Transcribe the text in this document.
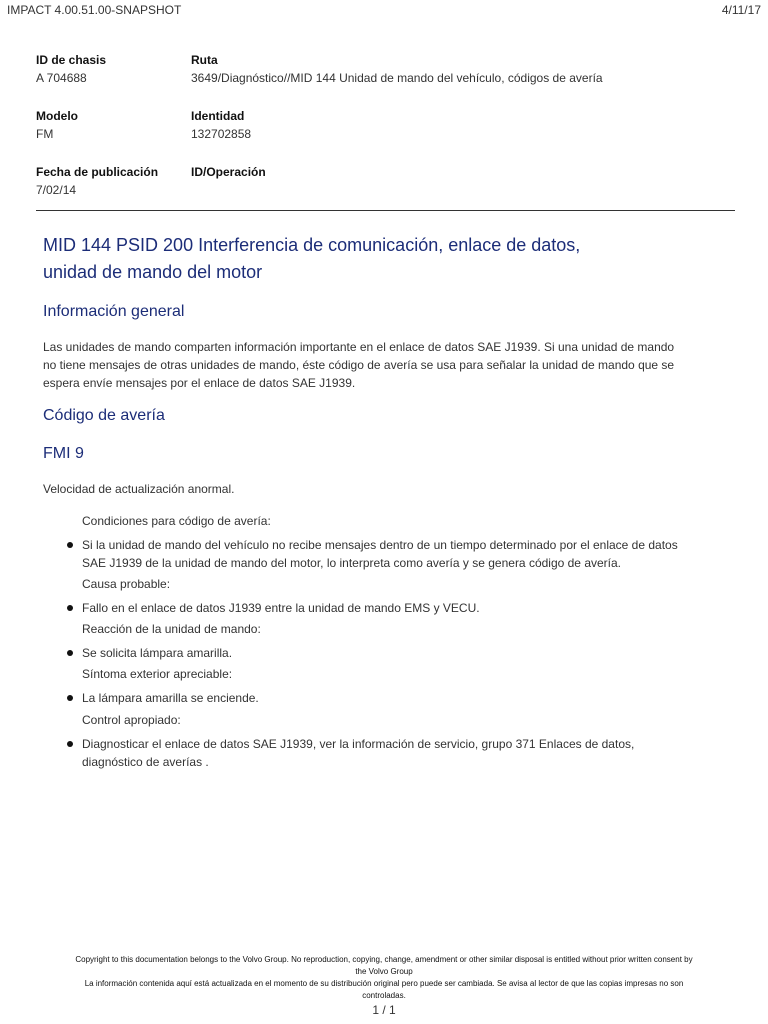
IMPACT 4.00.51.00-SNAPSHOT	4/11/17
ID de chasis
A 704688
Ruta
3649/Diagnóstico//MID 144 Unidad de mando del vehículo, códigos de avería
Modelo
FM
Identidad
132702858
Fecha de publicación
7/02/14
ID/Operación
MID 144 PSID 200 Interferencia de comunicación, enlace de datos,
unidad de mando del motor
Información general
Las unidades de mando comparten información importante en el enlace de datos SAE J1939. Si una unidad de mando
no tiene mensajes de otras unidades de mando, éste código de avería se usa para señalar la unidad de mando que se
espera envíe mensajes por el enlace de datos SAE J1939.
Código de avería
FMI 9
Velocidad de actualización anormal.
Condiciones para código de avería:
Si la unidad de mando del vehículo no recibe mensajes dentro de un tiempo determinado por el enlace de datos
SAE J1939 de la unidad de mando del motor, lo interpreta como avería y se genera código de avería.
Causa probable:
Fallo en el enlace de datos J1939 entre la unidad de mando EMS y VECU.
Reacción de la unidad de mando:
Se solicita lámpara amarilla.
Síntoma exterior apreciable:
La lámpara amarilla se enciende.
Control apropiado:
Diagnosticar el enlace de datos SAE J1939, ver la información de servicio, grupo 371 Enlaces de datos,
diagnóstico de averías .
Copyright to this documentation belongs to the Volvo Group. No reproduction, copying, change, amendment or other similar disposal is entitled without prior written consent by
the Volvo Group
La información contenida aquí está actualizada en el momento de su distribución original pero puede ser cambiada. Se avisa al lector de que las copias impresas no son
controladas.
1 / 1
